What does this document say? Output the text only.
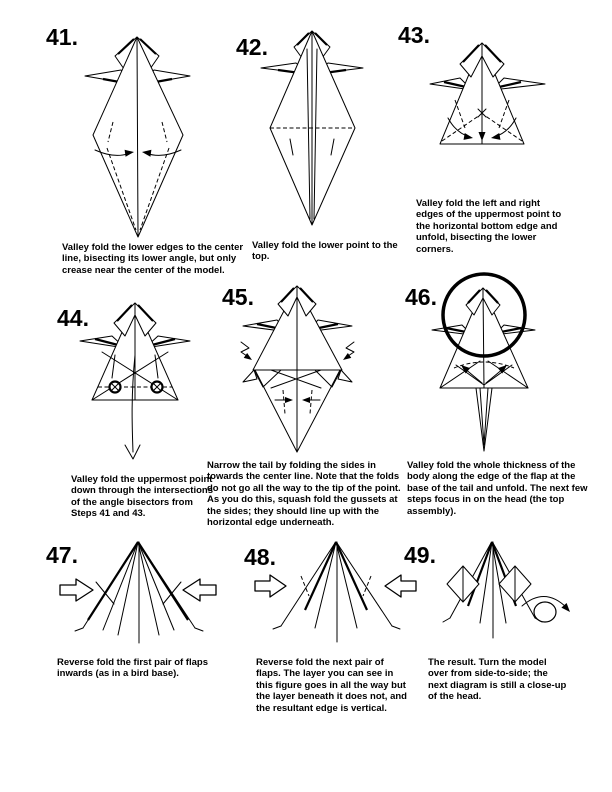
41.
Valley fold the lower edges to the center line, bisecting its lower angle, but only crease near the center of the model.
42.
Valley fold the lower point to the top.
43.
Valley fold the left and right edges of the uppermost point to the horizontal bottom edge and unfold, bisecting the lower corners.
44.
Valley fold the uppermost point down through the intersections of the angle bisectors from Steps 41 and 43.
45.
Narrow the tail by folding the sides in towards the center line. Note that the folds do not go all the way to the tip of the point. As you do this, squash fold the gussets at the sides; they should line up with the horizontal edge underneath.
46.
Valley fold the whole thickness of the body along the edge of the flap at the base of the tail and unfold. The next few steps focus in on the head (the top assembly).
47.
Reverse fold the first pair of flaps inwards (as in a bird base).
48.
Reverse fold the next pair of flaps. The layer you can see in this figure goes in all the way but the layer beneath it does not, and the resultant edge is vertical.
49.
The result. Turn the model over from side-to-side; the next diagram is still a close-up of the head.
